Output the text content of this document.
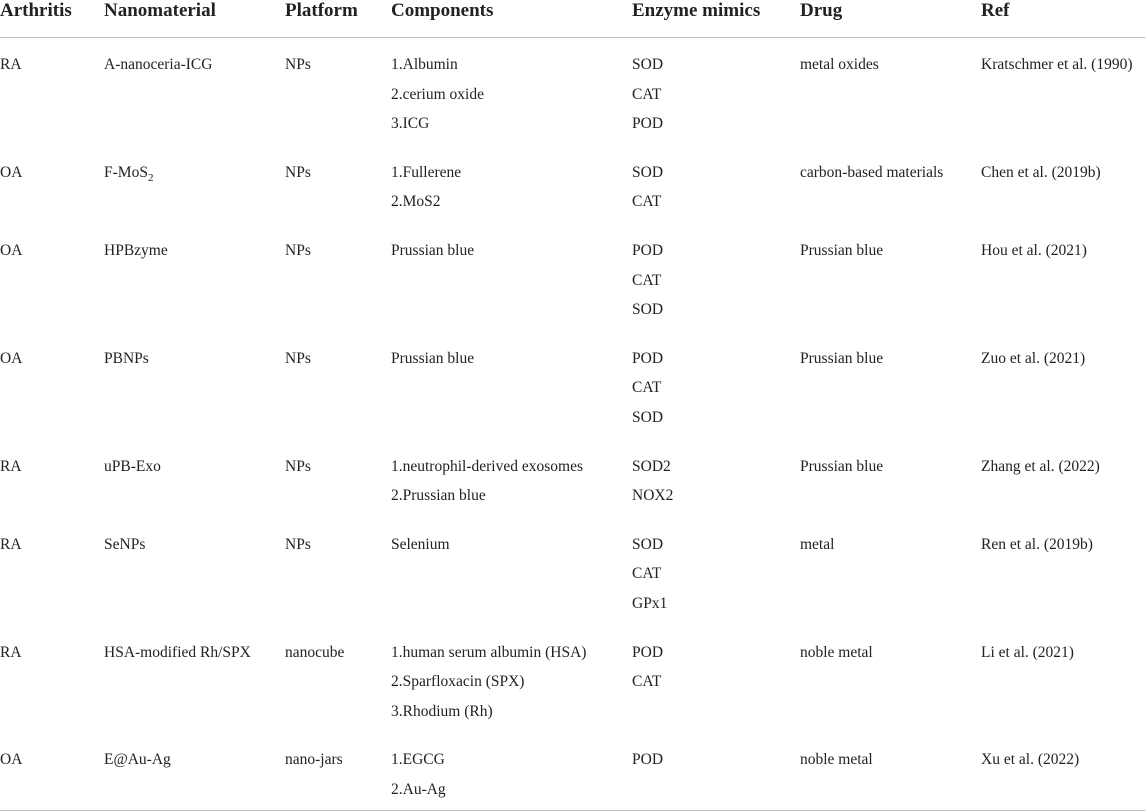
Arthritis	Nanomaterial	Platform	Components	Enzyme mimics	Drug	Ref
RA	A-nanoceria-ICG	NPs	1.Albumin
2.cerium oxide
3.ICG	SOD
CAT
POD	metal oxides	Kratschmer et al. (1990)
OA	F-MoS$_2$	NPs	1.Fullerene
2.MoS2	SOD
CAT	carbon-based materials	Chen et al. (2019b)
OA	HPBzyme	NPs	Prussian blue	POD
CAT
SOD	Prussian blue	Hou et al. (2021)
OA	PBNPs	NPs	Prussian blue	POD
CAT
SOD	Prussian blue	Zuo et al. (2021)
RA	uPB-Exo	NPs	1.neutrophil-derived exosomes
2.Prussian blue	SOD2
NOX2	Prussian blue	Zhang et al. (2022)
RA	SeNPs	NPs	Selenium	SOD
CAT
GPx1	metal	Ren et al. (2019b)
RA	HSA-modified Rh/SPX	nanocube	1.human serum albumin (HSA)
2.Sparfloxacin (SPX)
3.Rhodium (Rh)	POD
CAT	noble metal	Li et al. (2021)
OA	E@Au-Ag	nano-jars	1.EGCG
2.Au-Ag	POD	noble metal	Xu et al. (2022)
